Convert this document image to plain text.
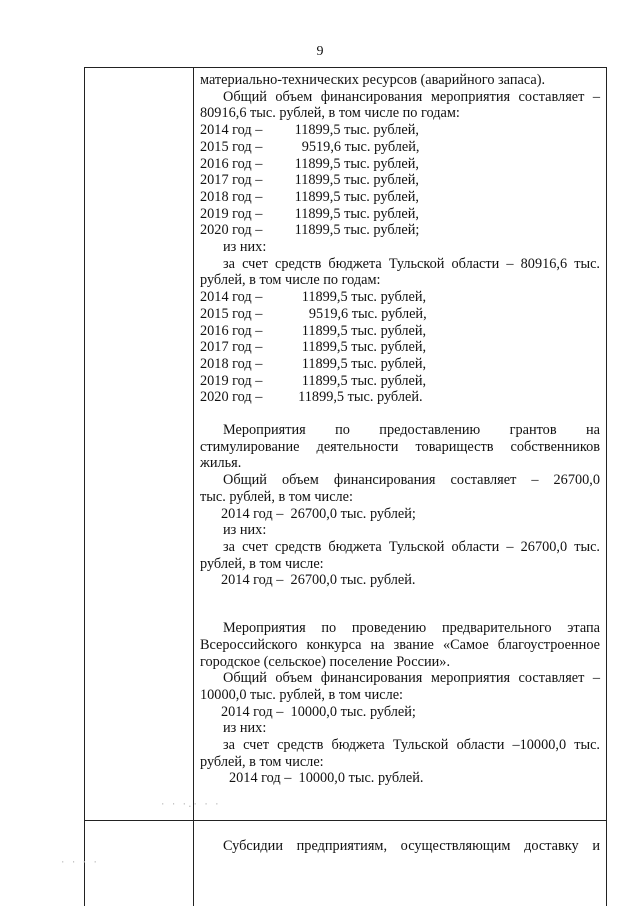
9

материально-технических ресурсов (аварийного запаса).

Общий объем финансирования мероприятия составляет –

80916,6 тыс. рублей, в том числе по годам:

2014 год –         11899,5 тыс. рублей,

2015 год –           9519,6 тыс. рублей,

2016 год –         11899,5 тыс. рублей,

2017 год –         11899,5 тыс. рублей,

2018 год –         11899,5 тыс. рублей,

2019 год –         11899,5 тыс. рублей,

2020 год –         11899,5 тыс. рублей;

из них:

за счет средств бюджета Тульской области – 80916,6 тыс.

рублей, в том числе по годам:

2014 год –           11899,5 тыс. рублей,

2015 год –             9519,6 тыс. рублей,

2016 год –           11899,5 тыс. рублей,

2017 год –           11899,5 тыс. рублей,

2018 год –           11899,5 тыс. рублей,

2019 год –           11899,5 тыс. рублей,

2020 год –          11899,5 тыс. рублей.

Мероприятия по предоставлению грантов на

стимулирование деятельности товариществ собственников

жилья.

Общий объем финансирования составляет – 26700,0

тыс. рублей, в том числе:

2014 год –  26700,0 тыс. рублей;

из них:

за счет средств бюджета Тульской области – 26700,0 тыс.

рублей, в том числе:

2014 год –  26700,0 тыс. рублей.

Мероприятия по проведению предварительного этапа

Всероссийского конкурса на звание «Самое благоустроенное

городское (сельское) поселение России».

Общий объем финансирования мероприятия составляет –

10000,0 тыс. рублей, в том числе:

2014 год –  10000,0 тыс. рублей;

из них:

за счет средств бюджета Тульской области –10000,0 тыс.

рублей, в том числе:

2014 год –  10000,0 тыс. рублей.

Субсидии предприятиям, осуществляющим доставку и

· · ·.· · ·
· · · ·
